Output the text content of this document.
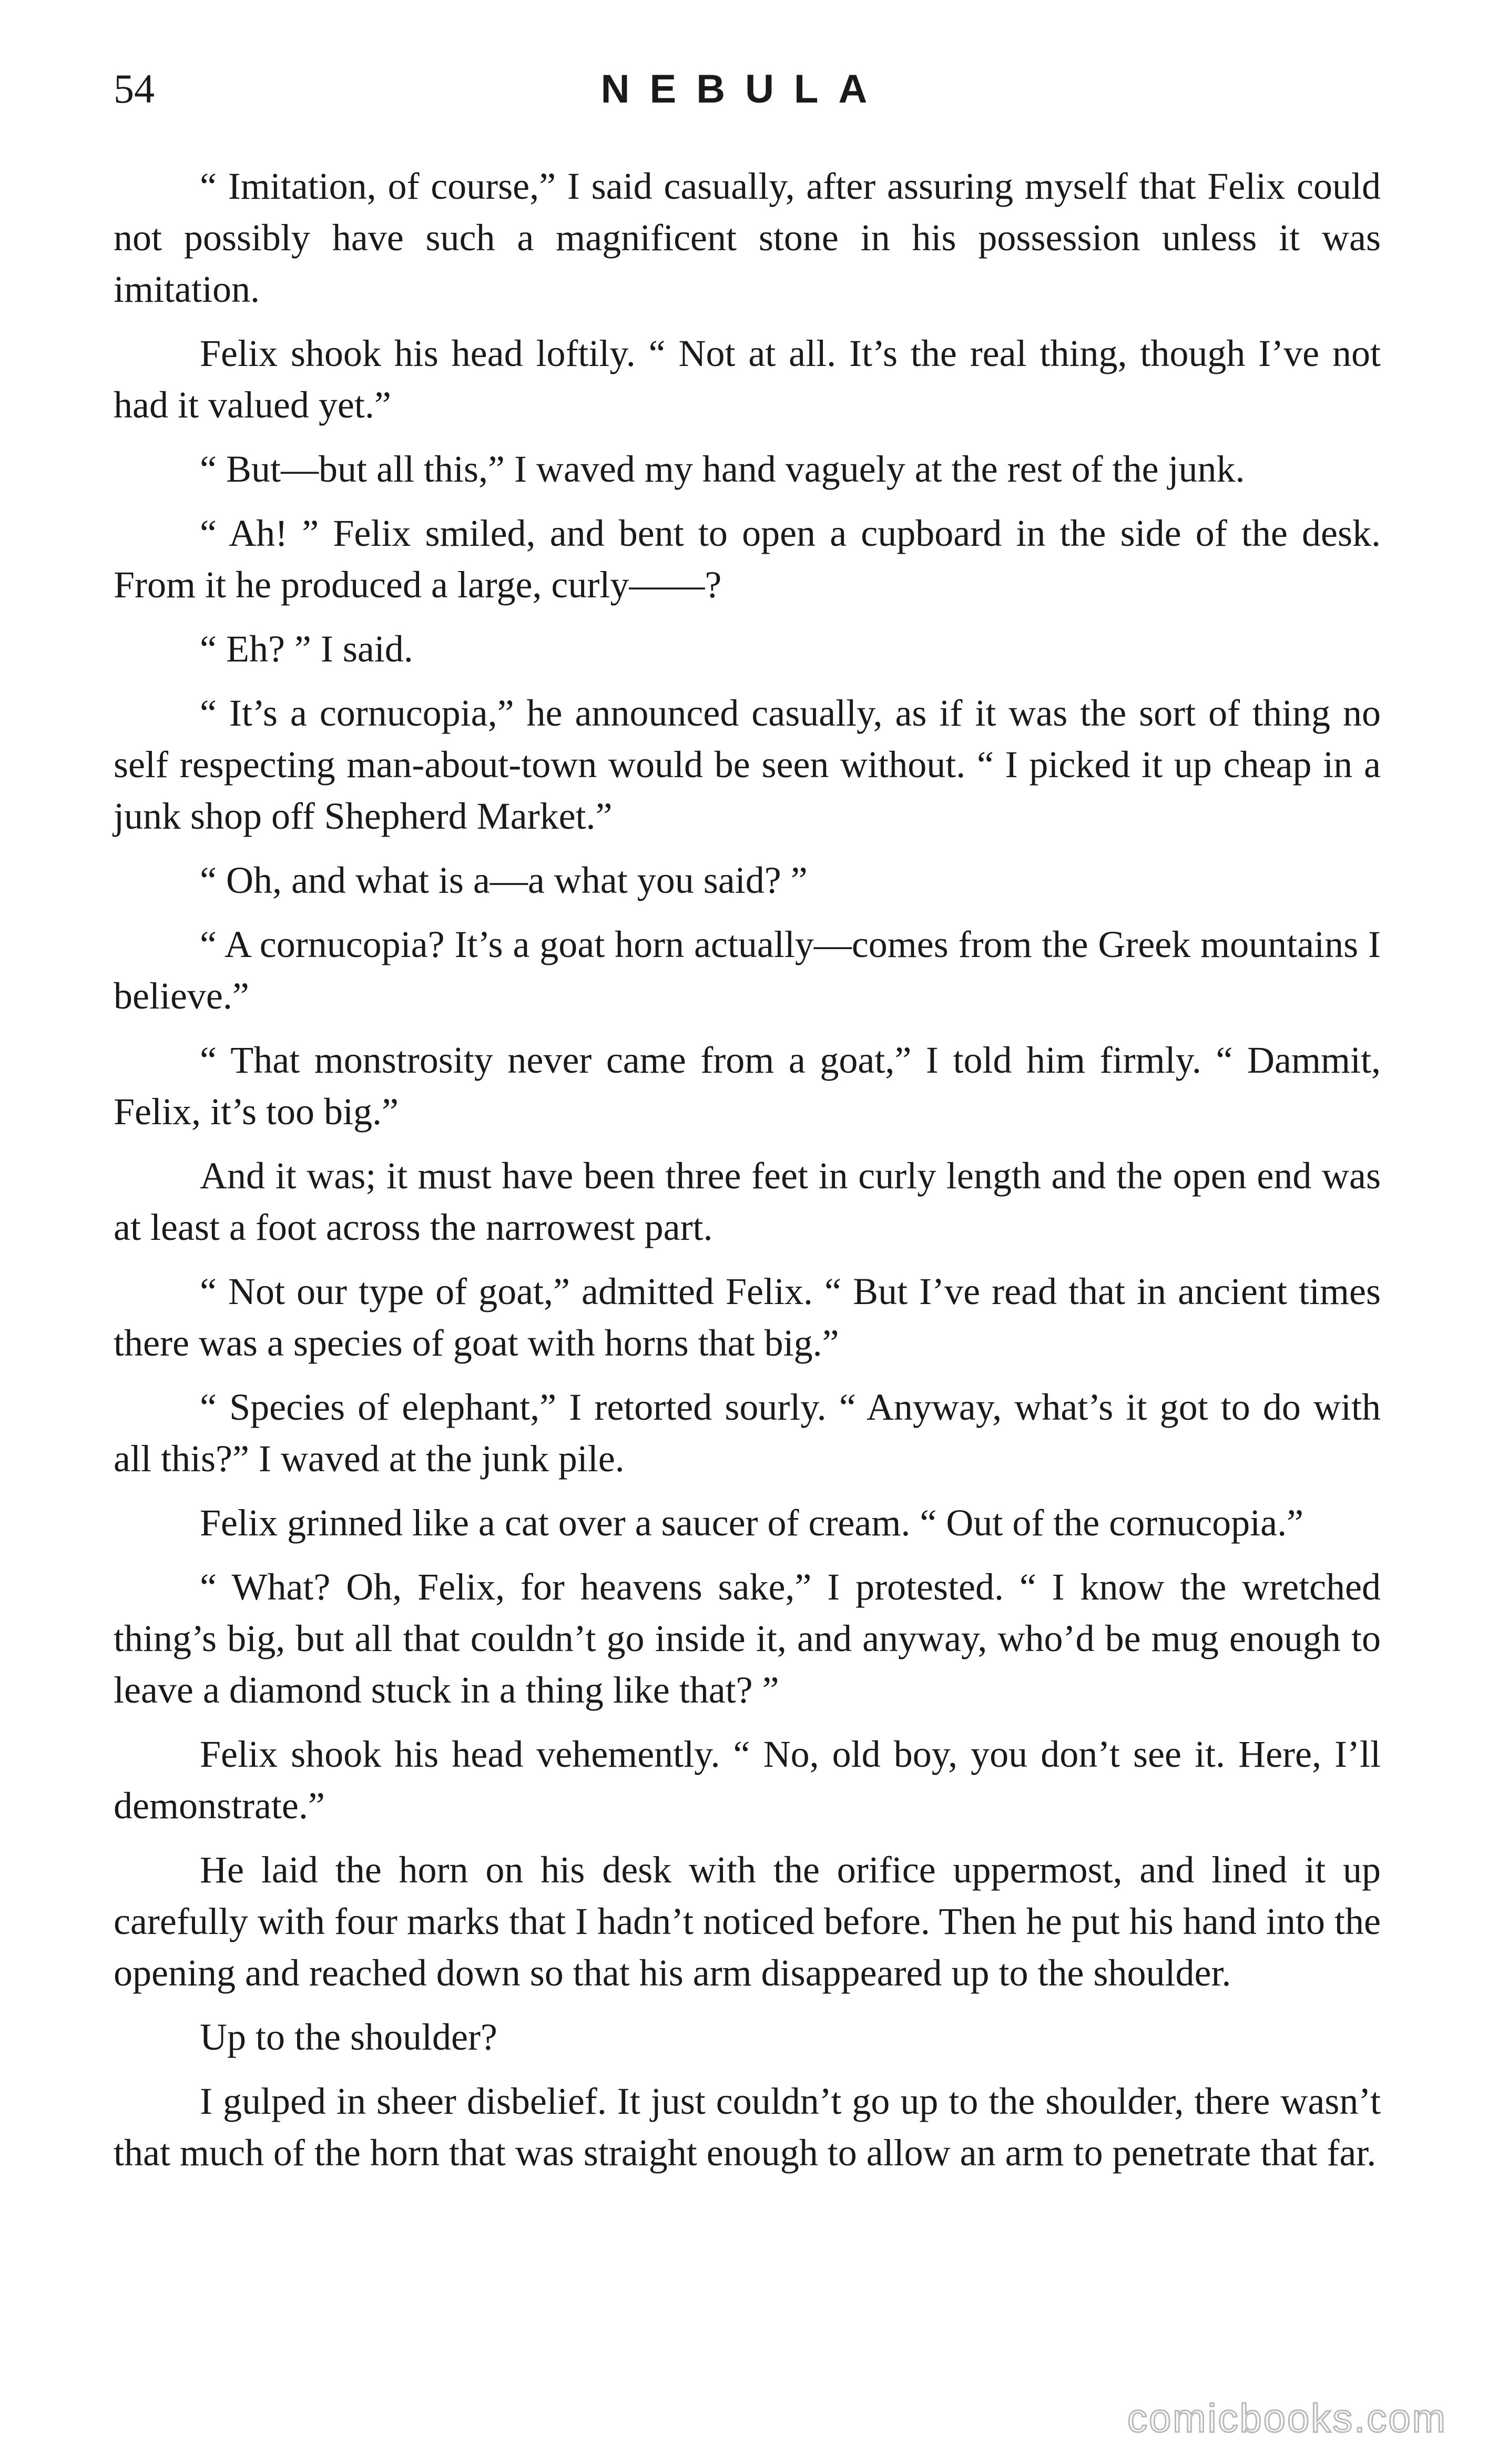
54	NEBULA

“ Imitation, of course,” I said casually, after assuring myself that Felix could not possibly have such a magnificent stone in his possession unless it was imitation.

Felix shook his head loftily. “ Not at all. It’s the real thing, though I’ve not had it valued yet.”

“ But—but all this,” I waved my hand vaguely at the rest of the junk.

“ Ah! ” Felix smiled, and bent to open a cupboard in the side of the desk. From it he produced a large, curly——?

“ Eh? ” I said.

“ It’s a cornucopia,” he announced casually, as if it was the sort of thing no self respecting man-about-town would be seen without. “ I picked it up cheap in a junk shop off Shepherd Market.”

“ Oh, and what is a—a what you said? ”

“ A cornucopia? It’s a goat horn actually—comes from the Greek mountains I believe.”

“ That monstrosity never came from a goat,” I told him firmly. “ Dammit, Felix, it’s too big.”

And it was; it must have been three feet in curly length and the open end was at least a foot across the narrowest part.

“ Not our type of goat,” admitted Felix. “ But I’ve read that in ancient times there was a species of goat with horns that big.”

“ Species of elephant,” I retorted sourly. “ Anyway, what’s it got to do with all this?” I waved at the junk pile.

Felix grinned like a cat over a saucer of cream. “ Out of the cornucopia.”

“ What? Oh, Felix, for heavens sake,” I protested. “ I know the wretched thing’s big, but all that couldn’t go inside it, and anyway, who’d be mug enough to leave a diamond stuck in a thing like that? ”

Felix shook his head vehemently. “ No, old boy, you don’t see it. Here, I’ll demonstrate.”

He laid the horn on his desk with the orifice uppermost, and lined it up carefully with four marks that I hadn’t noticed before. Then he put his hand into the opening and reached down so that his arm disappeared up to the shoulder.

Up to the shoulder?

I gulped in sheer disbelief. It just couldn’t go up to the shoulder, there wasn’t that much of the horn that was straight enough to allow an arm to penetrate that far.

comicbooks.com
